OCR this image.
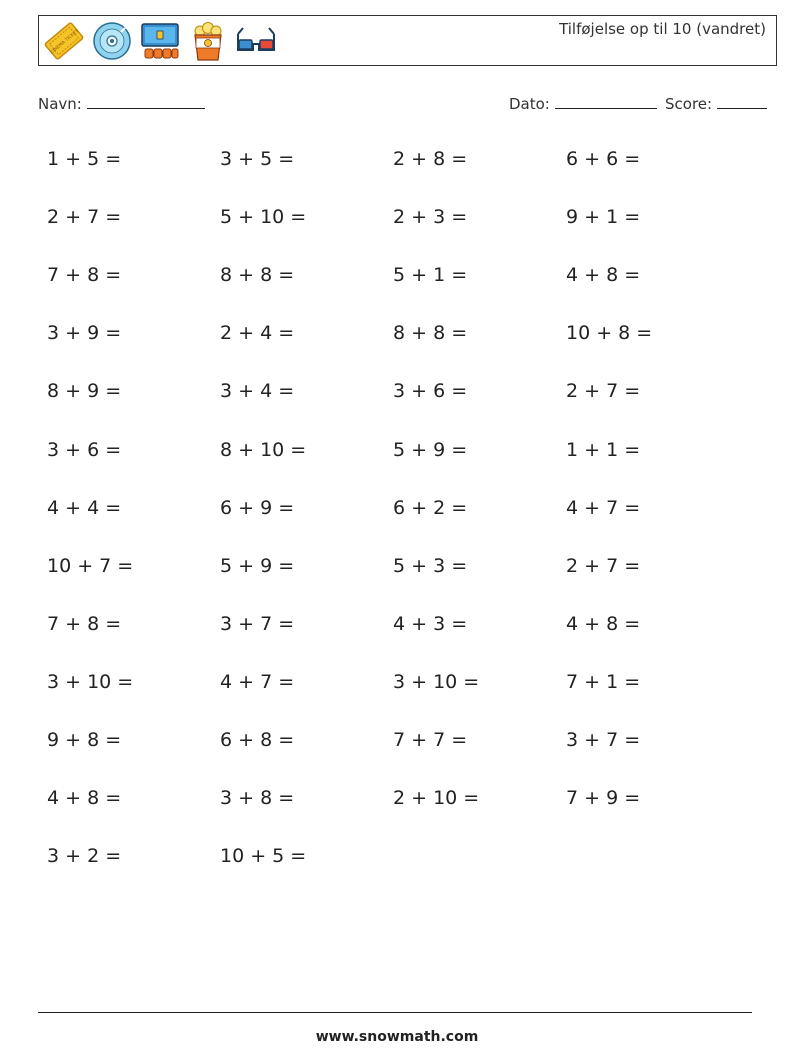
CINEMA TICKET
Tilføjelse op til 10 (vandret)
Navn:	Dato:	Score:
1 + 5 =	3 + 5 =	2 + 8 =	6 + 6 =
2 + 7 =	5 + 10 =	2 + 3 =	9 + 1 =
7 + 8 =	8 + 8 =	5 + 1 =	4 + 8 =
3 + 9 =	2 + 4 =	8 + 8 =	10 + 8 =
8 + 9 =	3 + 4 =	3 + 6 =	2 + 7 =
3 + 6 =	8 + 10 =	5 + 9 =	1 + 1 =
4 + 4 =	6 + 9 =	6 + 2 =	4 + 7 =
10 + 7 =	5 + 9 =	5 + 3 =	2 + 7 =
7 + 8 =	3 + 7 =	4 + 3 =	4 + 8 =
3 + 10 =	4 + 7 =	3 + 10 =	7 + 1 =
9 + 8 =	6 + 8 =	7 + 7 =	3 + 7 =
4 + 8 =	3 + 8 =	2 + 10 =	7 + 9 =
3 + 2 =	10 + 5 =
www.snowmath.com
